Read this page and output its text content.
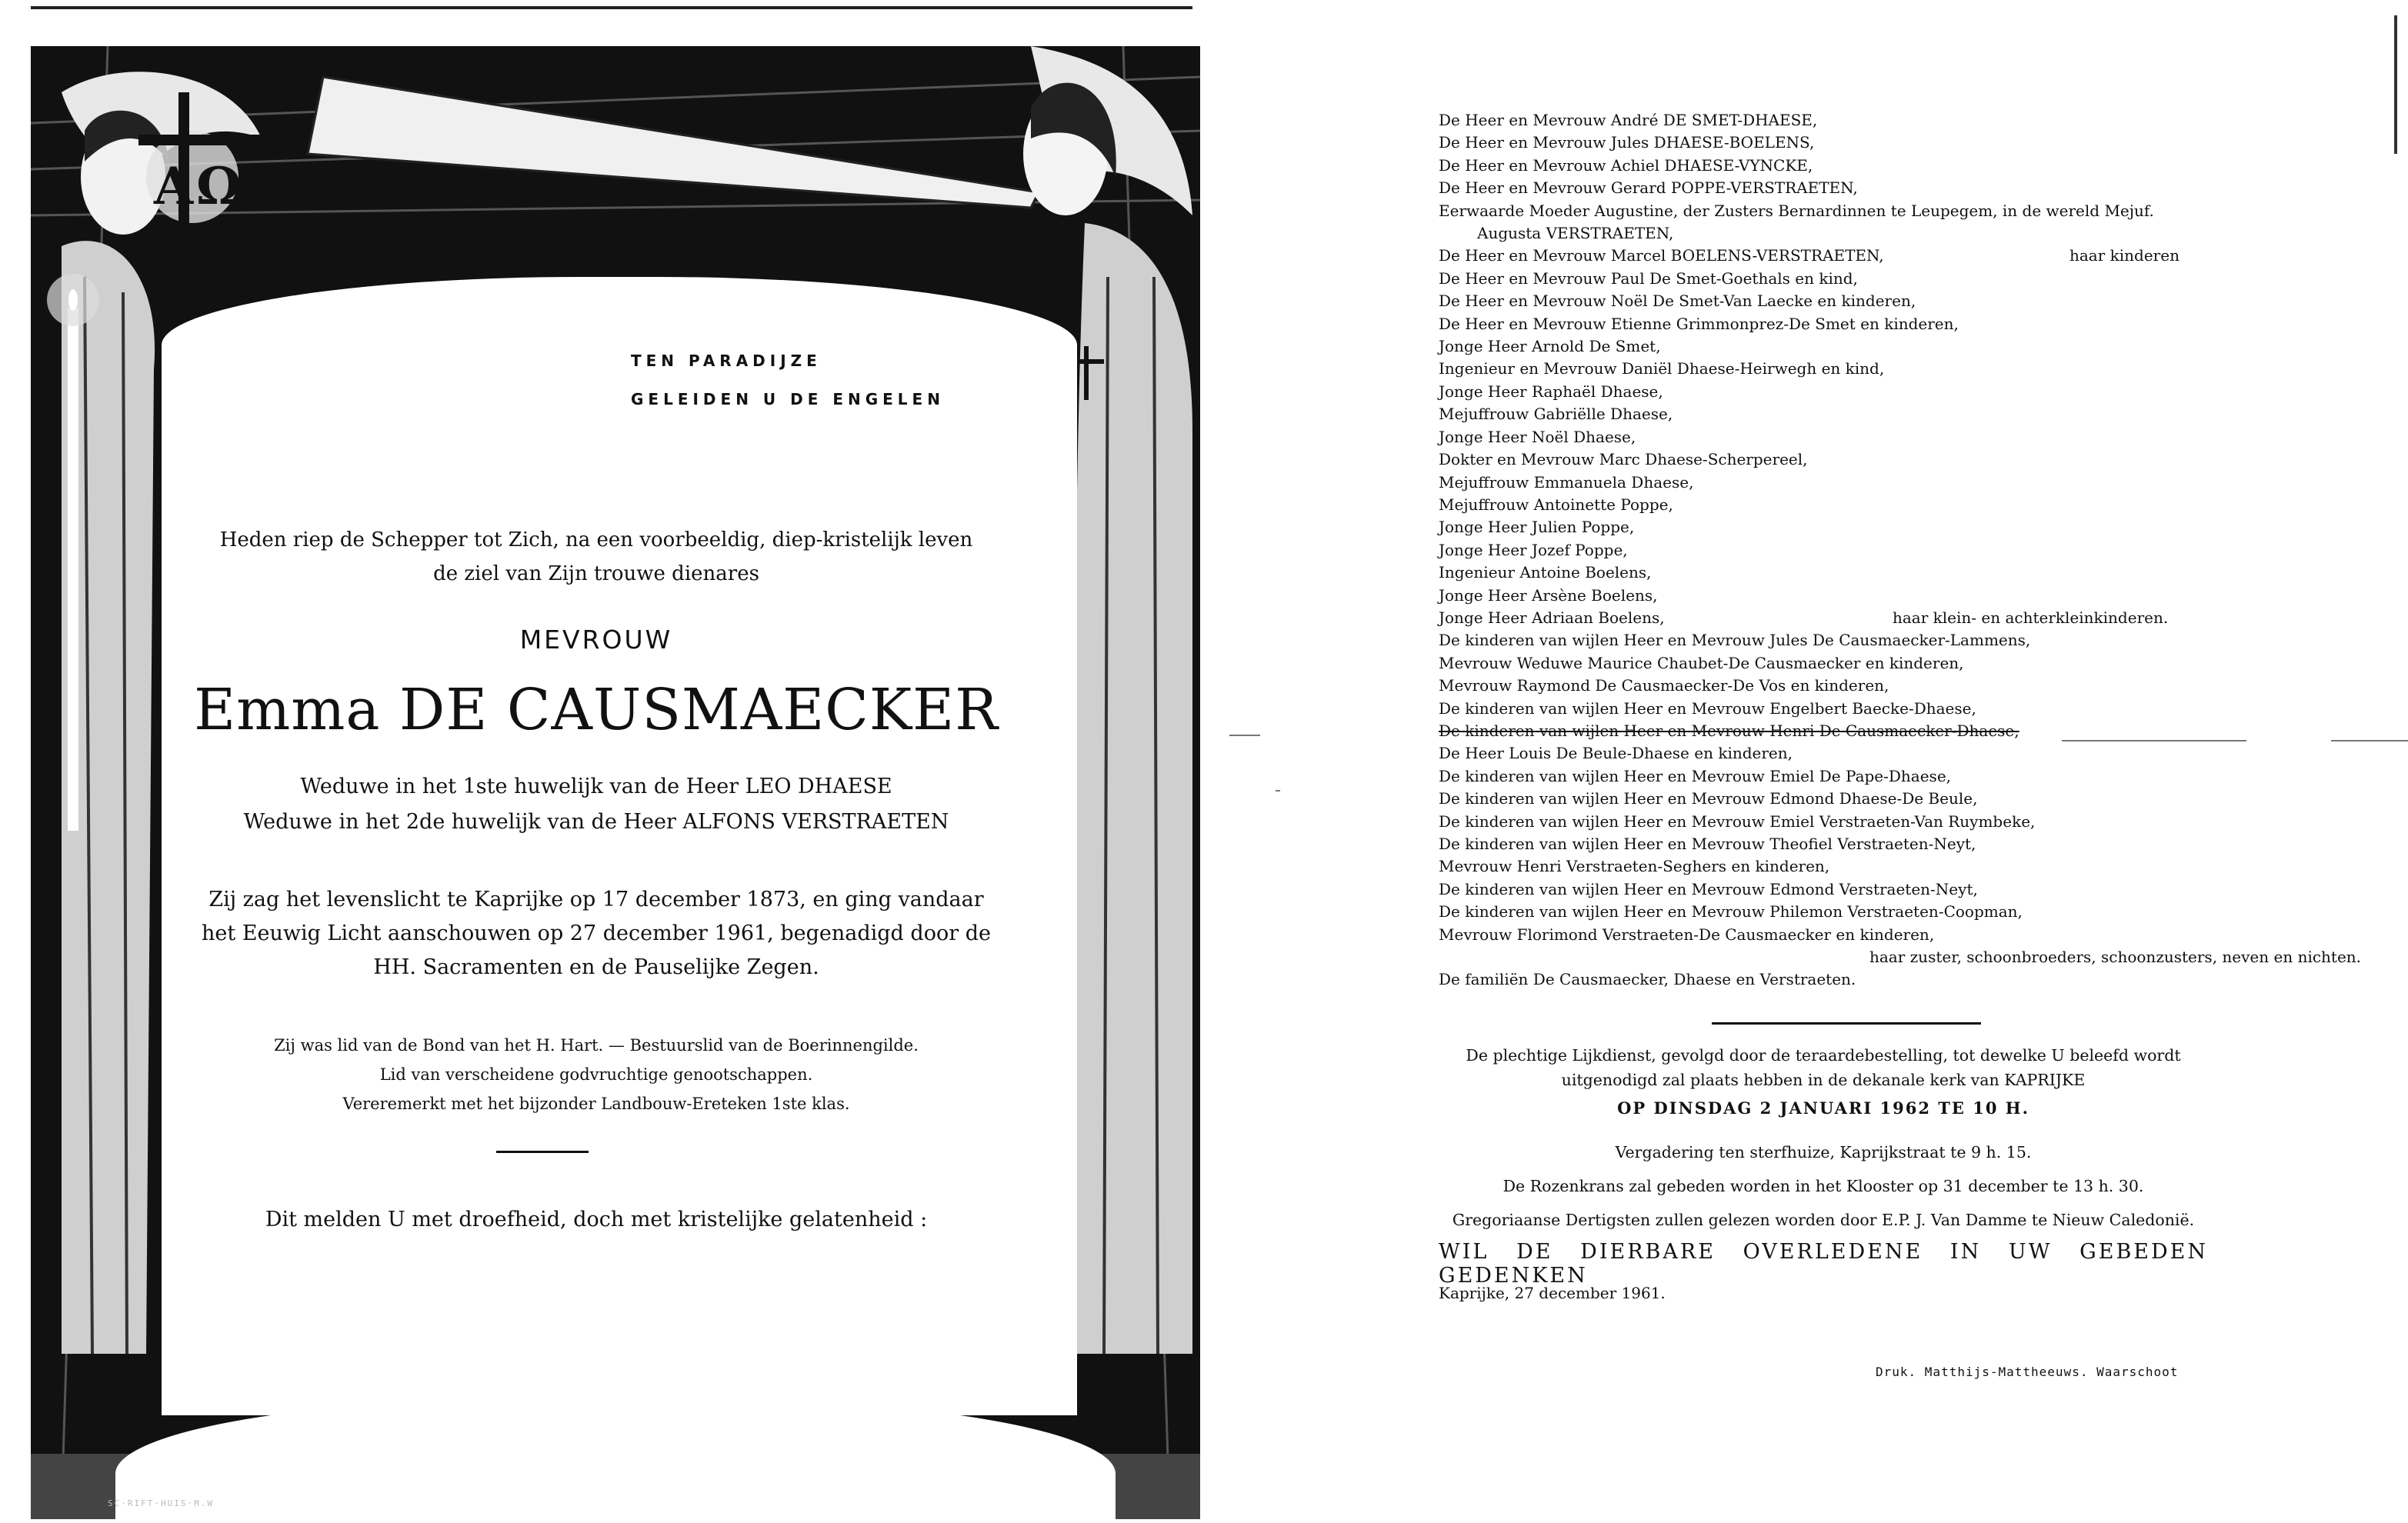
A Ω
SC·RIFT·HUIS·M.W
TEN PARADIJZE
GELEIDEN U DE ENGELEN
Heden riep de Schepper tot Zich, na een voorbeeldig, diep-kristelijk leven
de ziel van Zijn trouwe dienares
MEVROUW
Emma DE CAUSMAECKER
Weduwe in het 1ste huwelijk van de Heer LEO DHAESE
Weduwe in het 2de huwelijk van de Heer ALFONS VERSTRAETEN
Zij zag het levenslicht te Kaprijke op 17 december 1873, en ging vandaar
het Eeuwig Licht aanschouwen op 27 december 1961, begenadigd door de
HH. Sacramenten en de Pauselijke Zegen.
Zij was lid van de Bond van het H. Hart. — Bestuurslid van de Boerinnengilde.
Lid van verscheidene godvruchtige genootschappen.
Vereremerkt met het bijzonder Landbouw-Ereteken 1ste klas.
Dit melden U met droefheid, doch met kristelijke gelatenheid :
De Heer en Mevrouw André DE SMET-DHAESE,
De Heer en Mevrouw Jules DHAESE-BOELENS,
De Heer en Mevrouw Achiel DHAESE-VYNCKE,
De Heer en Mevrouw Gerard POPPE-VERSTRAETEN,
Eerwaarde Moeder Augustine, der Zusters Bernardinnen te Leupegem, in de wereld Mejuf.
Augusta VERSTRAETEN,
De Heer en Mevrouw Marcel BOELENS-VERSTRAETEN,	haar kinderen
De Heer en Mevrouw Paul De Smet-Goethals en kind,
De Heer en Mevrouw Noël De Smet-Van Laecke en kinderen,
De Heer en Mevrouw Etienne Grimmonprez-De Smet en kinderen,
Jonge Heer Arnold De Smet,
Ingenieur en Mevrouw Daniël Dhaese-Heirwegh en kind,
Jonge Heer Raphaël Dhaese,
Mejuffrouw Gabriëlle Dhaese,
Jonge Heer Noël Dhaese,
Dokter en Mevrouw Marc Dhaese-Scherpereel,
Mejuffrouw Emmanuela Dhaese,
Mejuffrouw Antoinette Poppe,
Jonge Heer Julien Poppe,
Jonge Heer Jozef Poppe,
Ingenieur Antoine Boelens,
Jonge Heer Arsène Boelens,
Jonge Heer Adriaan Boelens,	haar klein- en achterkleinkinderen.
De kinderen van wijlen Heer en Mevrouw Jules De Causmaecker-Lammens,
Mevrouw Weduwe Maurice Chaubet-De Causmaecker en kinderen,
Mevrouw Raymond De Causmaecker-De Vos en kinderen,
De kinderen van wijlen Heer en Mevrouw Engelbert Baecke-Dhaese,
De kinderen van wijlen Heer en Mevrouw Henri De Causmaecker-Dhaese,
De Heer Louis De Beule-Dhaese en kinderen,
De kinderen van wijlen Heer en Mevrouw Emiel De Pape-Dhaese,
De kinderen van wijlen Heer en Mevrouw Edmond Dhaese-De Beule,
De kinderen van wijlen Heer en Mevrouw Emiel Verstraeten-Van Ruymbeke,
De kinderen van wijlen Heer en Mevrouw Theofiel Verstraeten-Neyt,
Mevrouw Henri Verstraeten-Seghers en kinderen,
De kinderen van wijlen Heer en Mevrouw Edmond Verstraeten-Neyt,
De kinderen van wijlen Heer en Mevrouw Philemon Verstraeten-Coopman,
Mevrouw Florimond Verstraeten-De Causmaecker en kinderen,
haar zuster, schoonbroeders, schoonzusters, neven en nichten.
De familiën De Causmaecker, Dhaese en Verstraeten.
De plechtige Lijkdienst, gevolgd door de teraardebestelling, tot dewelke U beleefd wordt
uitgenodigd zal plaats hebben in de dekanale kerk van KAPRIJKE
OP DINSDAG 2 JANUARI 1962 TE 10 H.
Vergadering ten sterfhuize, Kaprijkstraat te 9 h. 15.
De Rozenkrans zal gebeden worden in het Klooster op 31 december te 13 h. 30.
Gregoriaanse Dertigsten zullen gelezen worden door E.P. J. Van Damme te Nieuw Caledonië.
WIL DE DIERBARE OVERLEDENE IN UW GEBEDEN GEDENKEN
Kaprijke, 27 december 1961.
Druk. Matthijs-Mattheeuws. Waarschoot
